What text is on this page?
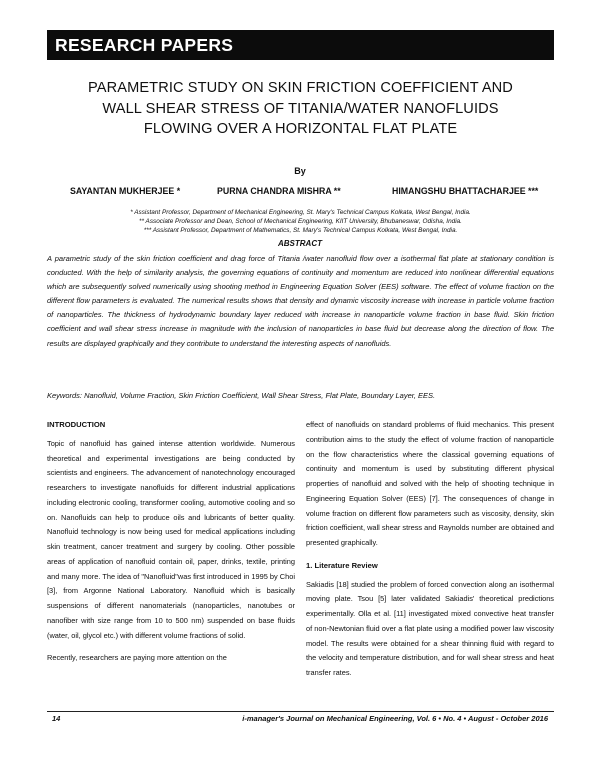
RESEARCH PAPERS
PARAMETRIC STUDY ON SKIN FRICTION COEFFICIENT AND
WALL SHEAR STRESS OF TITANIA/WATER NANOFLUIDS
FLOWING OVER A HORIZONTAL FLAT PLATE
By
SAYANTAN MUKHERJEE *	PURNA CHANDRA MISHRA **	HIMANGSHU BHATTACHARJEE ***
* Assistant Professor, Department of Mechanical Engineering, St. Mary's Technical Campus Kolkata, West Bengal, India.
** Associate Professor and Dean, School of Mechanical Engineering, KIIT University, Bhubaneswar, Odisha, India.
*** Assistant Professor, Department of Mathematics, St. Mary's Technical Campus Kolkata, West Bengal, India.
ABSTRACT
A parametric study of the skin friction coefficient and drag force of Titania /water nanofluid flow over a isothermal flat plate at stationary condition is conducted. With the help of similarity analysis, the governing equations of continuity and momentum are reduced into nonlinear differential equations which are subsequently solved numerically using shooting method in Engineering Equation Solver (EES) software. The effect of volume fraction on the different flow parameters is evaluated. The numerical results shows that density and dynamic viscosity increase with increase in particle volume fraction of nanoparticles. The thickness of hydrodynamic boundary layer reduced with increase in nanoparticle volume fraction in base fluid. Skin friction coefficient and wall shear stress increase in magnitude with the inclusion of nanoparticles in base fluid but decrease along the direction of flow. The results are displayed graphically and they contribute to understand the interesting aspects of nanofluids.
Keywords: Nanofluid, Volume Fraction, Skin Friction Coefficient, Wall Shear Stress, Flat Plate, Boundary Layer, EES.

INTRODUCTION

Topic of nanofluid has gained intense attention worldwide. Numerous theoretical and experimental investigations are being conducted by scientists and engineers. The advancement of nanotechnology encouraged researchers to investigate nanofluids for different industrial applications including electronic cooling, transformer cooling, automotive cooling and so on. Nanofluids can help to produce oils and lubricants of better quality. Nanofluid technology is now being used for medical applications including skin treatment, cancer treatment and surgery by cooling. Other possible areas of application of nanofluid contain oil, paper, drinks, textile, printing and many more. The idea of "Nanofluid"was first introduced in 1995 by Choi [3], from Argonne National Laboratory. Nanofluid which is basically suspensions of different nanomaterials (nanoparticles, nanotubes or nanofiber with size range from 10 to 500 nm) suspended on base fluids (water, oil, glycol etc.) with different volume fractions of solid.

Recently, researchers are paying more attention on the

effect of nanofluids on standard problems of fluid mechanics. This present contribution aims to the study the effect of volume fraction of nanoparticle on the flow characteristics where the classical governing equations of continuity and momentum is used by substituting different physical properties of nanofluid and solved with the help of shooting technique in Engineering Equation Solver (EES) [7]. The consequences of change in volume fraction on different flow parameters such as viscosity, density, skin friction coefficient, wall shear stress and Raynolds number are obtained and presented graphically.

1. Literature Review

Sakiadis [18] studied the problem of forced convection along an isothermal moving plate. Tsou [5] later validated Sakiadis' theoretical predictions experimentally. Olla et al. [11] investigated mixed convective heat transfer of non-Newtonian fluid over a flat plate using a modified power law viscosity model. The results were obtained for a shear thinning fluid with regard to the velocity and temperature distribution, and for wall shear stress and heat transfer rates.

14	i-manager's Journal on Mechanical Engineering, Vol. 6 • No. 4 • August - October 2016
